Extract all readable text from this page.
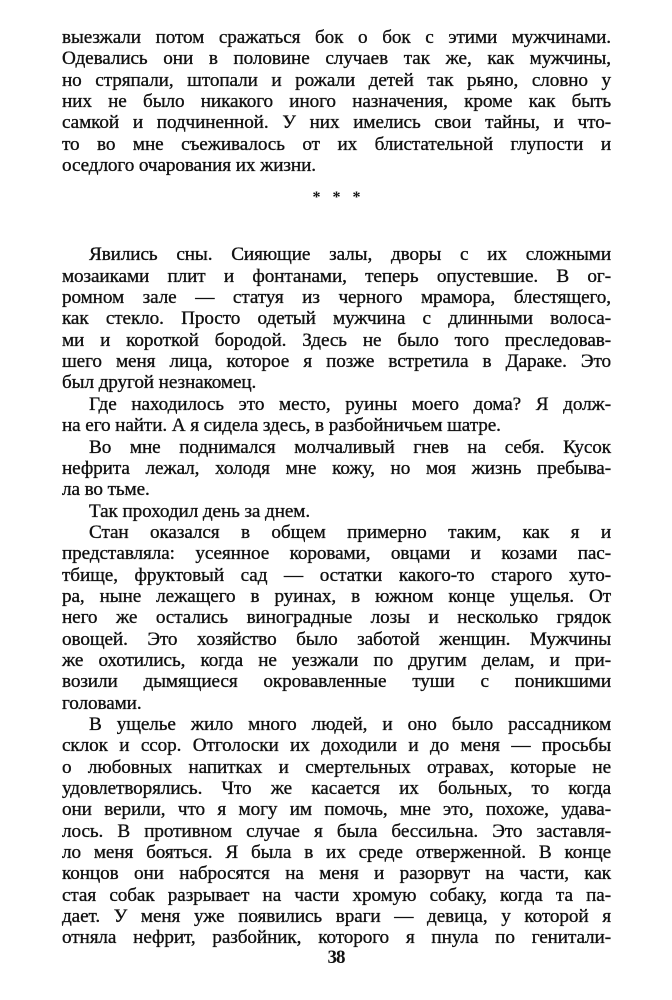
выезжали потом сражаться бок о бок с этими мужчинами.
Одевались они в половине случаев так же, как мужчины,
но стряпали, штопали и рожали детей так рьяно, словно у
них не было никакого иного назначения, кроме как быть
самкой и подчиненной. У них имелись свои тайны, и что-
то во мне съеживалось от их блистательной глупости и
оседлого очарования их жизни.

* * *

Явились сны. Сияющие залы, дворы с их сложными
мозаиками плит и фонтанами, теперь опустевшие. В ог-
ромном зале — статуя из черного мрамора, блестящего,
как стекло. Просто одетый мужчина с длинными волоса-
ми и короткой бородой. Здесь не было того преследовав-
шего меня лица, которое я позже встретила в Дараке. Это
был другой незнакомец.

Где находилось это место, руины моего дома? Я долж-
на его найти. А я сидела здесь, в разбойничьем шатре.

Во мне поднимался молчаливый гнев на себя. Кусок
нефрита лежал, холодя мне кожу, но моя жизнь пребыва-
ла во тьме.

Так проходил день за днем.

Стан оказался в общем примерно таким, как я и
представляла: усеянное коровами, овцами и козами пас-
тбище, фруктовый сад — остатки какого-то старого хуто-
ра, ныне лежащего в руинах, в южном конце ущелья. От
него же остались виноградные лозы и несколько грядок
овощей. Это хозяйство было заботой женщин. Мужчины
же охотились, когда не уезжали по другим делам, и при-
возили дымящиеся окровавленные туши с поникшими
головами.

В ущелье жило много людей, и оно было рассадником
склок и ссор. Отголоски их доходили и до меня — просьбы
о любовных напитках и смертельных отравах, которые не
удовлетворялись. Что же касается их больных, то когда
они верили, что я могу им помочь, мне это, похоже, удава-
лось. В противном случае я была бессильна. Это заставля-
ло меня бояться. Я была в их среде отверженной. В конце
концов они набросятся на меня и разорвут на части, как
стая собак разрывает на части хромую собаку, когда та па-
дает. У меня уже появились враги — девица, у которой я
отняла нефрит, разбойник, которого я пнула по генитали-

38
